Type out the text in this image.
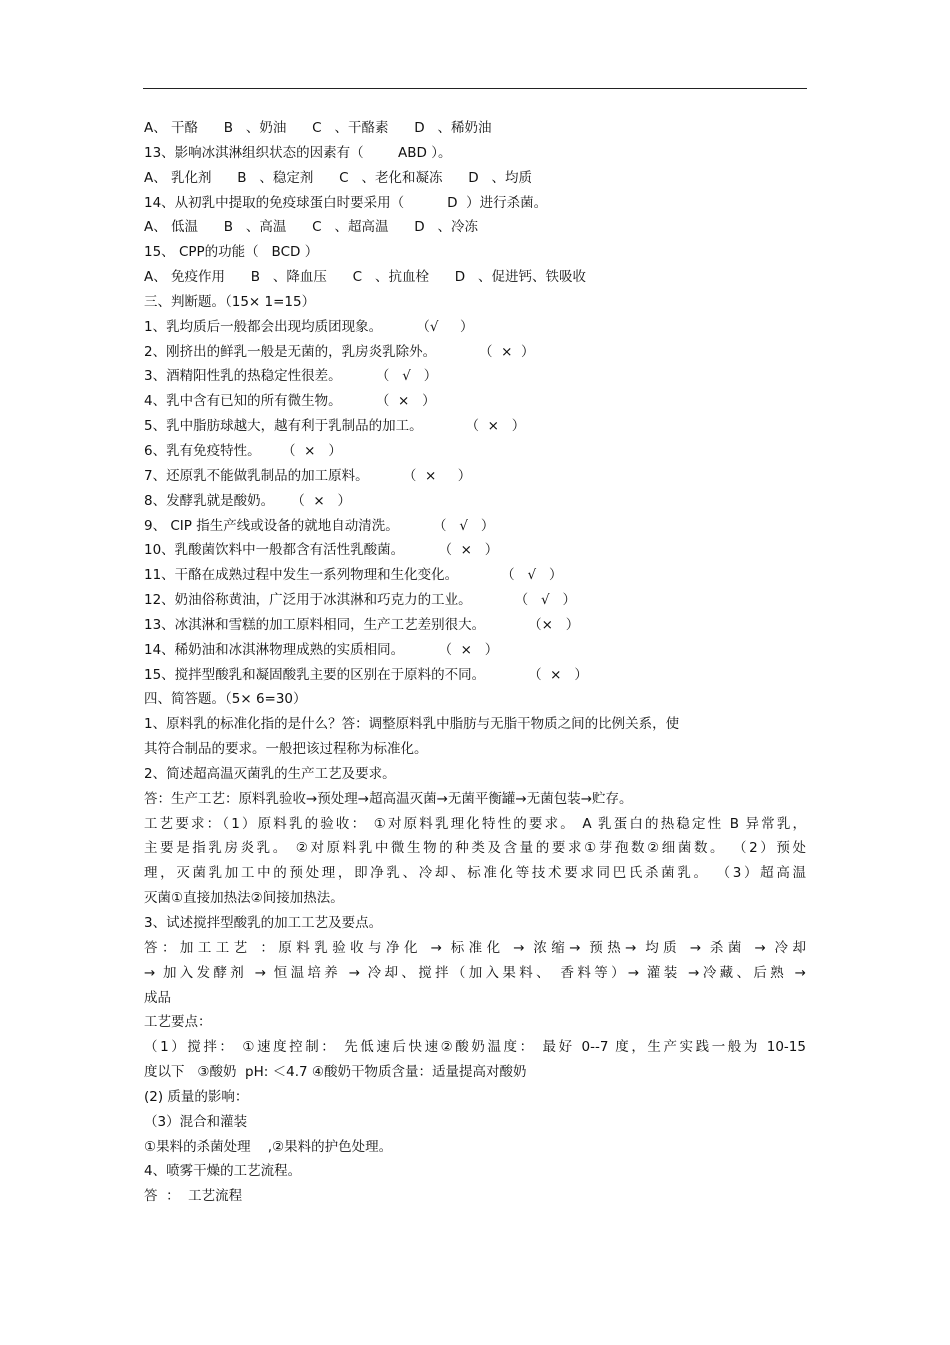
A、 干酪      B   、奶油      C   、干酪素      D   、稀奶油
13、影响冰淇淋组织状态的因素有（        ABD ）。
A、 乳化剂      B   、稳定剂      C   、老化和凝冻      D   、均质
14、从初乳中提取的免疫球蛋白时要采用（          D  ）进行杀菌。
A、 低温      B   、高温      C   、超高温      D   、冷冻
15、 CPP的功能（   BCD ）
A、 免疫作用      B   、降血压      C   、抗血栓      D   、促进钙、铁吸收
三、判断题。（15× 1=15）
1、乳均质后一般都会出现均质团现象。        （√     ）
2、刚挤出的鲜乳一般是无菌的，乳房炎乳除外。          （  ×  ）
3、酒精阳性乳的热稳定性很差。        （   √   ）
4、乳中含有已知的所有微生物。        （  ×   ）
5、乳中脂肪球越大，越有利于乳制品的加工。          （  ×   ）
6、乳有免疫特性。     （  ×   ）
7、还原乳不能做乳制品的加工原料。        （  ×     ）
8、发酵乳就是酸奶。    （  ×   ）
9、 CIP 指生产线或设备的就地自动清洗。        （   √   ）
10、乳酸菌饮料中一般都含有活性乳酸菌。        （  ×   ）
11、干酪在成熟过程中发生一系列物理和生化变化。          （   √   ）
12、奶油俗称黄油，广泛用于冰淇淋和巧克力的工业。          （   √   ）
13、冰淇淋和雪糕的加工原料相同，生产工艺差别很大。          （×   ）
14、稀奶油和冰淇淋物理成熟的实质相同。        （  ×   ）
15、搅拌型酸乳和凝固酸乳主要的区别在于原料的不同。          （  ×   ）
四、简答题。（5× 6=30）
1、原料乳的标准化指的是什么？答：调整原料乳中脂肪与无脂干物质之间的比例关系，使
其符合制品的要求。一般把该过程称为标准化。
2、简述超高温灭菌乳的生产工艺及要求。
答：生产工艺：原料乳验收→预处理→超高温灭菌→无菌平衡罐→无菌包装→贮存。
工艺要求：（1）原料乳的验收： ①对原料乳理化特性的要求。 A 乳蛋白的热稳定性 B 异常乳，
主要是指乳房炎乳。 ②对原料乳中微生物的种类及含量的要求①芽孢数②细菌数。 （2）预处
理，灭菌乳加工中的预处理，即净乳、冷却、标准化等技术要求同巴氏杀菌乳。 （3）超高温
灭菌①直接加热法②间接加热法。
3、试述搅拌型酸乳的加工工艺及要点。
答：加工工艺 ：原料乳验收与净化 → 标准化 → 浓缩→ 预热→ 均质 → 杀菌 → 冷却
→ 加入发酵剂 → 恒温培养 → 冷却、搅拌（加入果料、 香料等）→ 灌装 →冷藏、后熟 →
成品
工艺要点：
（1）搅拌： ①速度控制： 先低速后快速②酸奶温度： 最好 0--7 度，生产实践一般为 10-15
度以下   ③酸奶  pH: ＜4.7 ④酸奶干物质含量：适量提高对酸奶
(2) 质量的影响：
（3）混合和灌装
①果料的杀菌处理    ,②果料的护色处理。
4、喷雾干燥的工艺流程。
答  ：  工艺流程
